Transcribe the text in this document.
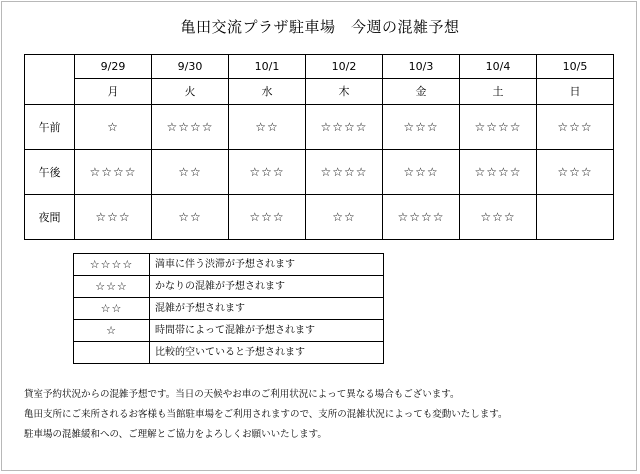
亀田交流プラザ駐車場　今週の混雑予想
	9/29	9/30	10/1	10/2	10/3	10/4	10/5
	月	火	水	木	金	土	日
午前	☆	☆☆☆☆	☆☆	☆☆☆☆	☆☆☆	☆☆☆☆	☆☆☆
午後	☆☆☆☆	☆☆	☆☆☆	☆☆☆☆	☆☆☆	☆☆☆☆	☆☆☆
夜間	☆☆☆	☆☆	☆☆☆	☆☆	☆☆☆☆	☆☆☆	
☆☆☆☆	満車に伴う渋滞が予想されます
☆☆☆	かなりの混雑が予想されます
☆☆	混雑が予想されます
☆	時間帯によって混雑が予想されます
	比較的空いていると予想されます
貸室予約状況からの混雑予想です。当日の天候やお車のご利用状況によって異なる場合もございます。
亀田支所にご来所されるお客様も当館駐車場をご利用されますので、支所の混雑状況によっても変動いたします。
駐車場の混雑緩和への、ご理解とご協力をよろしくお願いいたします。
